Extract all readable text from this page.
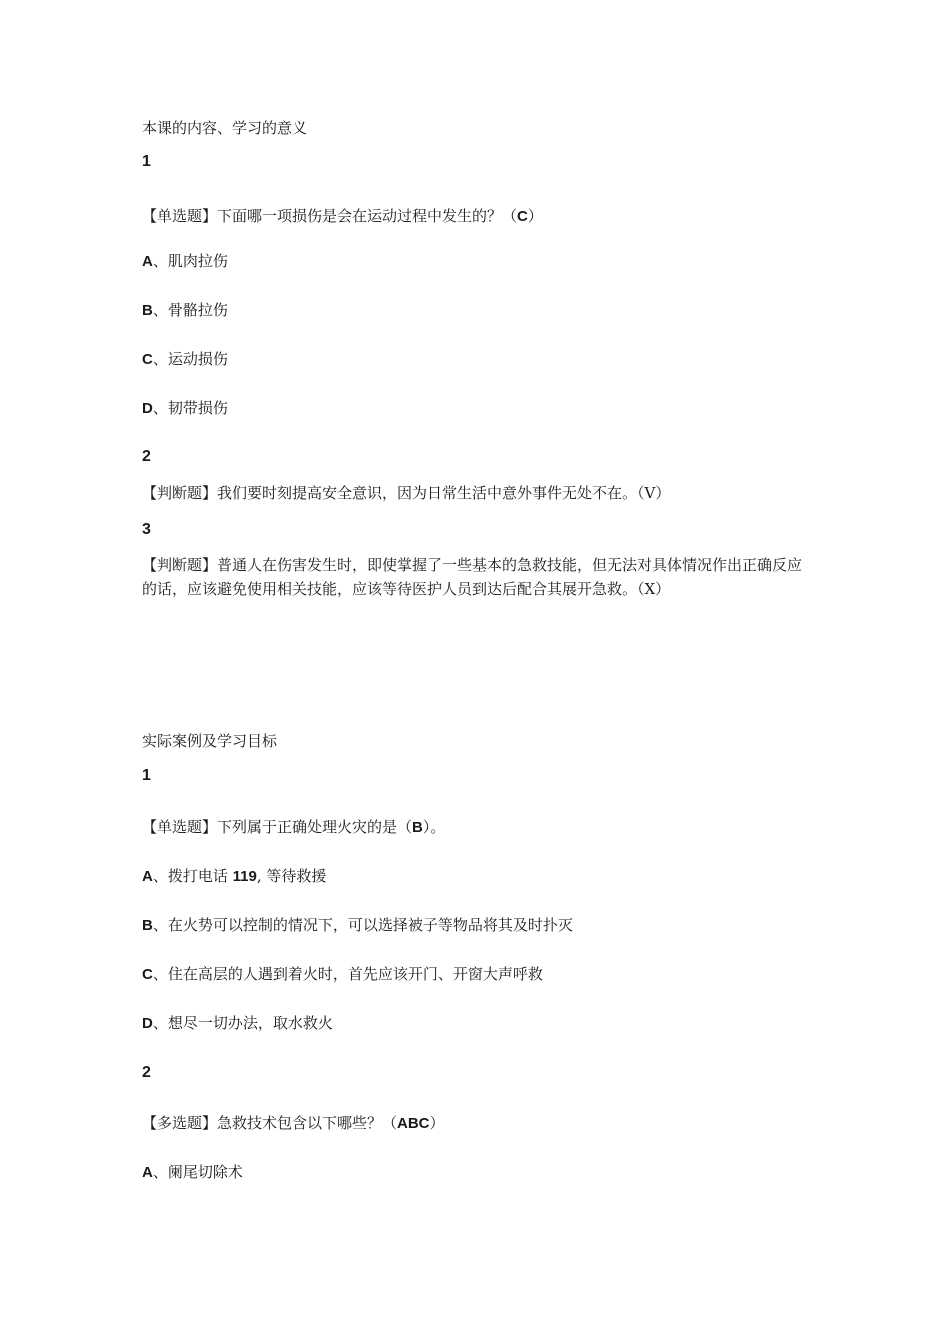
本课的内容、学习的意义
1
【单选题】下面哪一项损伤是会在运动过程中发生的？（C）
A、肌肉拉伤
B、骨骼拉伤
C、运动损伤
D、韧带损伤
2
【判断题】我们要时刻提高安全意识，因为日常生活中意外事件无处不在。（V）
3
【判断题】普通人在伤害发生时，即使掌握了一些基本的急救技能，但无法对具体情况作出正确反应的话，应该避免使用相关技能，应该等待医护人员到达后配合其展开急救。（X）
实际案例及学习目标
1
【单选题】下列属于正确处理火灾的是（B）。
A、拨打电话 119, 等待救援
B、在火势可以控制的情况下，可以选择被子等物品将其及时扑灭
C、住在高层的人遇到着火时，首先应该开门、开窗大声呼救
D、想尽一切办法，取水救火
2
【多选题】急救技术包含以下哪些？（ABC）
A、阑尾切除术
